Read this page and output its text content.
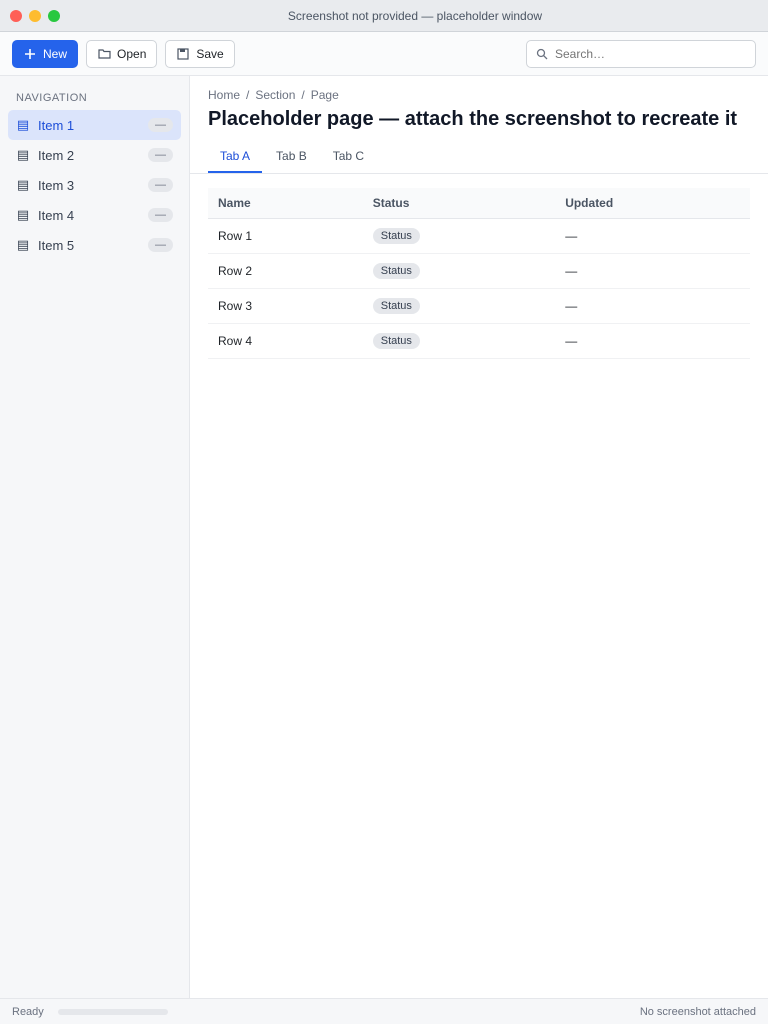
Screenshot not provided — placeholder window
New	Open	Save
Search…
NAVIGATION
▤ Item 1	—
▤ Item 2	—
▤ Item 3	—
▤ Item 4	—
▤ Item 5	—
Home / Section / Page
Placeholder page — attach the screenshot to recreate it
Tab A	Tab B	Tab C
Name	Status	Updated
Row 1	Status	—
Row 2	Status	—
Row 3	Status	—
Row 4	Status	—
Ready	No screenshot attached
